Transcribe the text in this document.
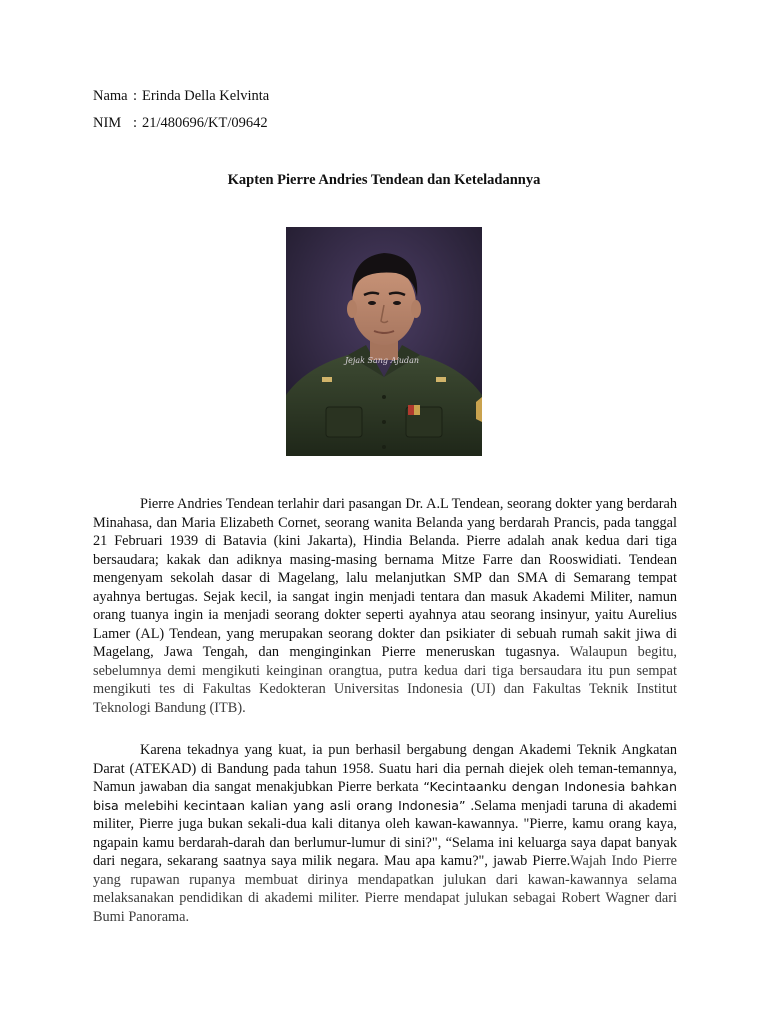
Nama : Erinda Della Kelvinta
NIM : 21/480696/KT/09642
Kapten Pierre Andries Tendean dan Keteladannya
Jejak Sang Ajudan

Pierre Andries Tendean terlahir dari pasangan Dr. A.L Tendean, seorang dokter yang berdarah Minahasa, dan Maria Elizabeth Cornet, seorang wanita Belanda yang berdarah Prancis, pada tanggal 21 Februari 1939 di Batavia (kini Jakarta), Hindia Belanda. Pierre adalah anak kedua dari tiga bersaudara; kakak dan adiknya masing-masing bernama Mitze Farre dan Rooswidiati. Tendean mengenyam sekolah dasar di Magelang, lalu melanjutkan SMP dan SMA di Semarang tempat ayahnya bertugas. Sejak kecil, ia sangat ingin menjadi tentara dan masuk Akademi Militer, namun orang tuanya ingin ia menjadi seorang dokter seperti ayahnya atau seorang insinyur, yaitu Aurelius Lamer (AL) Tendean, yang merupakan seorang dokter dan psikiater di sebuah rumah sakit jiwa di Magelang, Jawa Tengah, dan menginginkan Pierre meneruskan tugasnya. Walaupun begitu, sebelumnya demi mengikuti keinginan orangtua, putra kedua dari tiga bersaudara itu pun sempat mengikuti tes di Fakultas Kedokteran Universitas Indonesia (UI) dan Fakultas Teknik Institut Teknologi Bandung (ITB).

Karena tekadnya yang kuat, ia pun berhasil bergabung dengan Akademi Teknik Angkatan Darat (ATEKAD) di Bandung pada tahun 1958. Suatu hari dia pernah diejek oleh teman-temannya, Namun jawaban dia sangat menakjubkan Pierre berkata “Kecintaanku dengan Indonesia bahkan bisa melebihi kecintaan kalian yang asli orang Indonesia” .Selama menjadi taruna di akademi militer, Pierre juga bukan sekali-dua kali ditanya oleh kawan-kawannya. "Pierre, kamu orang kaya, ngapain kamu berdarah-darah dan berlumur-lumur di sini?", “Selama ini keluarga saya dapat banyak dari negara, sekarang saatnya saya milik negara. Mau apa kamu?", jawab Pierre.Wajah Indo Pierre yang rupawan rupanya membuat dirinya mendapatkan julukan dari kawan-kawannya selama melaksanakan pendidikan di akademi militer. Pierre mendapat julukan sebagai Robert Wagner dari Bumi Panorama.
